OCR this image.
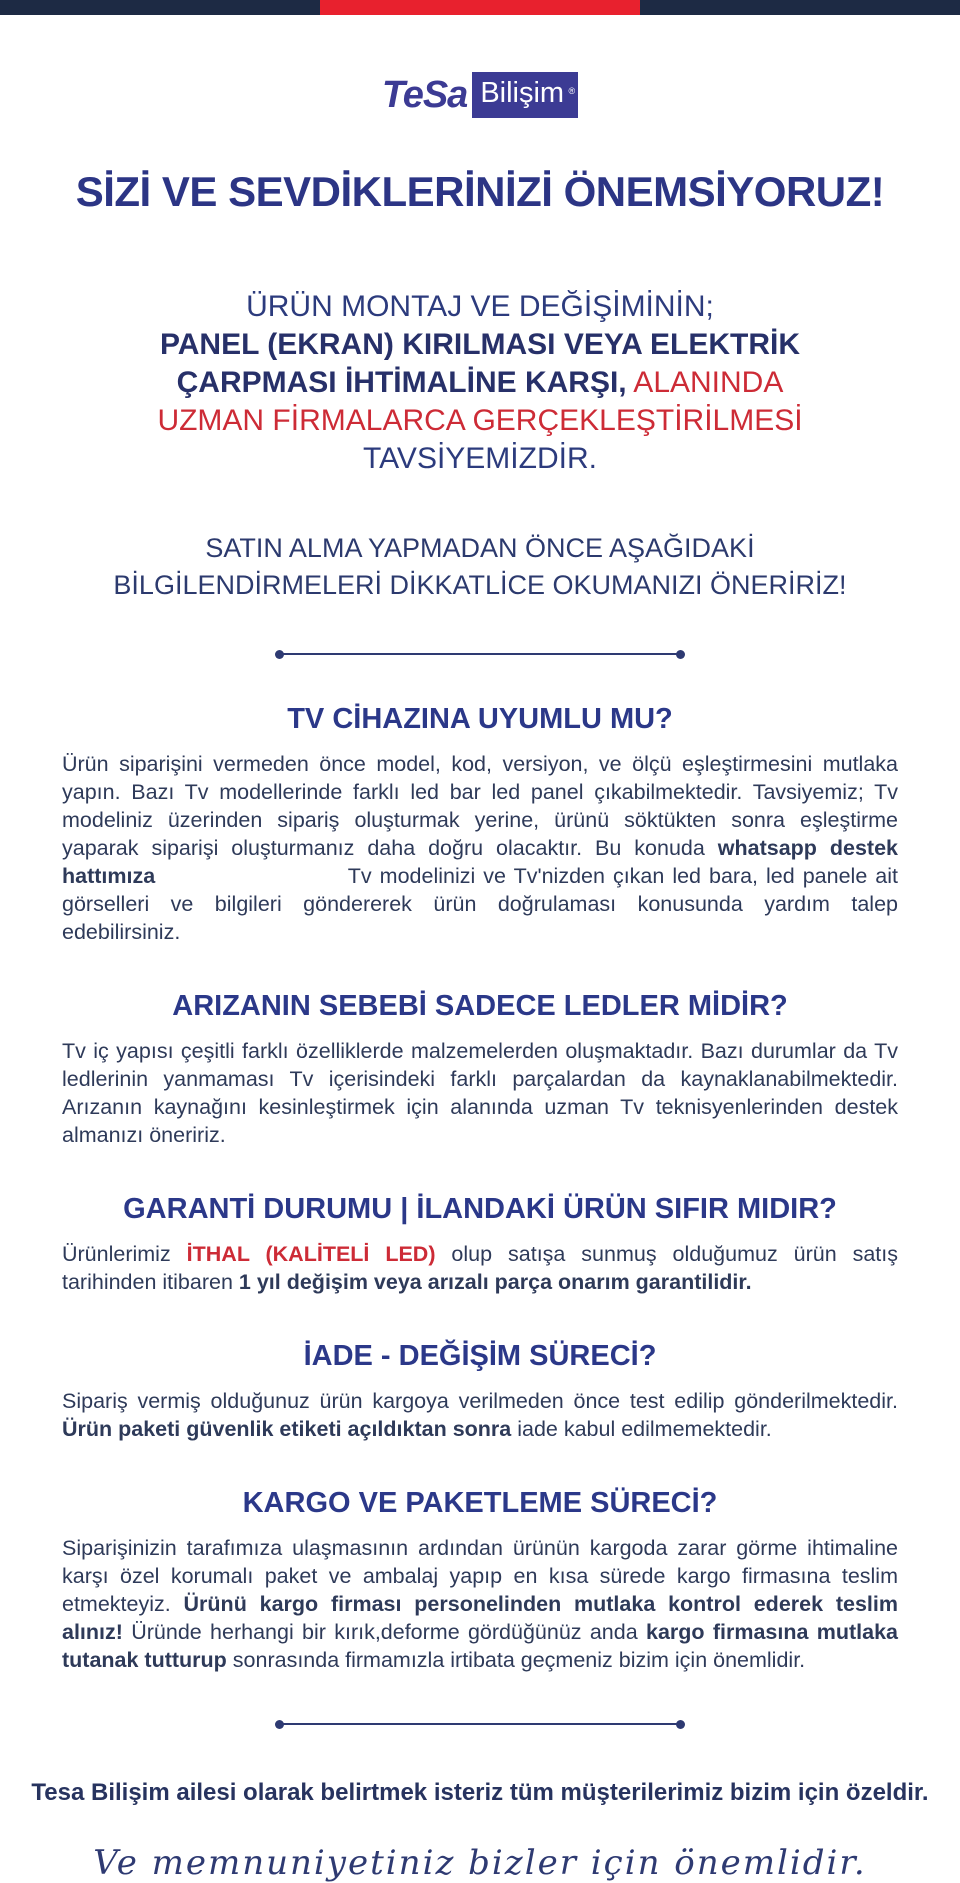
TeSa Bilişim ®
SİZİ VE SEVDİKLERİNİZİ ÖNEMSİYORUZ!
ÜRÜN MONTAJ VE DEĞİŞİMİNİN;
PANEL (EKRAN) KIRILMASI VEYA ELEKTRİK
ÇARPMASI İHTİMALİNE KARŞI, ALANINDA
UZMAN FİRMALARCA GERÇEKLEŞTİRİLMESİ
TAVSİYEMİZDİR.
SATIN ALMA YAPMADAN ÖNCE AŞAĞIDAKİ
BİLGİLENDİRMELERİ DİKKATLİCE OKUMANIZI ÖNERİRİZ!
TV CİHAZINA UYUMLU MU?

Ürün siparişini vermeden önce model, kod, versiyon, ve ölçü eşleştirmesini mutlaka yapın. Bazı Tv modellerinde farklı led bar led panel çıkabilmektedir. Tavsiyemiz; Tv modeliniz üzerinden sipariş oluşturmak yerine, ürünü söktükten sonra eşleştirme yaparak siparişi oluşturmanız daha doğru olacaktır. Bu konuda whatsapp destek hattımıza	Tv modelinizi ve Tv'nizden çıkan led bara, led panele ait görselleri ve bilgileri göndererek ürün doğrulaması konusunda yardım talep edebilirsiniz.

ARIZANIN SEBEBİ SADECE LEDLER MİDİR?

Tv iç yapısı çeşitli farklı özelliklerde malzemelerden oluşmaktadır. Bazı durumlar da Tv ledlerinin yanmaması Tv içerisindeki farklı parçalardan da kaynaklanabilmektedir. Arızanın kaynağını kesinleştirmek için alanında uzman Tv teknisyenlerinden destek almanızı öneririz.

GARANTİ DURUMU | İLANDAKİ ÜRÜN SIFIR MIDIR?

Ürünlerimiz İTHAL (KALİTELİ LED) olup satışa sunmuş olduğumuz ürün satış tarihinden itibaren 1 yıl değişim veya arızalı parça onarım garantilidir.

İADE - DEĞİŞİM SÜRECİ?

Sipariş vermiş olduğunuz ürün kargoya verilmeden önce test edilip gönderilmektedir. Ürün paketi güvenlik etiketi açıldıktan sonra iade kabul edilmemektedir.

KARGO VE PAKETLEME SÜRECİ?

Siparişinizin tarafımıza ulaşmasının ardından ürünün kargoda zarar görme ihtimaline karşı özel korumalı paket ve ambalaj yapıp en kısa sürede kargo firmasına teslim etmekteyiz. Ürünü kargo firması personelinden mutlaka kontrol ederek teslim alınız! Üründe herhangi bir kırık,deforme gördüğünüz anda kargo firmasına mutlaka tutanak tutturup sonrasında firmamızla irtibata geçmeniz bizim için önemlidir.

Tesa Bilişim ailesi olarak belirtmek isteriz tüm müşterilerimiz bizim için özeldir.
Ve memnuniyetiniz bizler için önemlidir.
